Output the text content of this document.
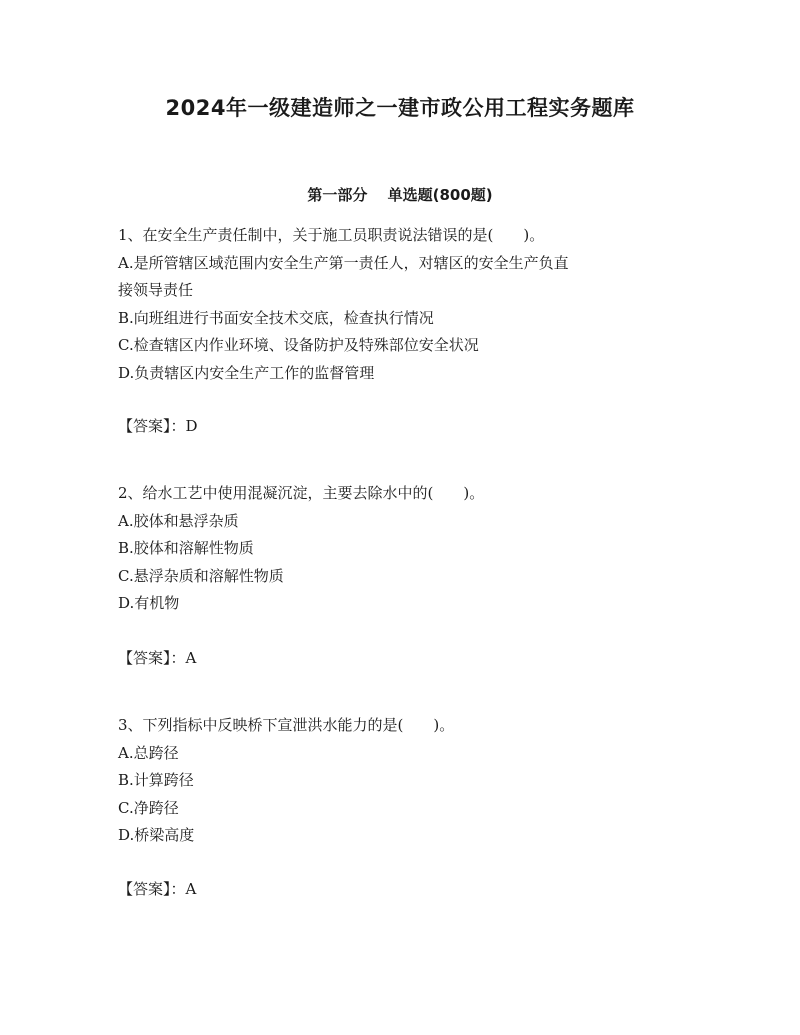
2024年一级建造师之一建市政公用工程实务题库
第一部分　 单选题(800题)
1、在安全生产责任制中，关于施工员职责说法错误的是(　　)。
A.是所管辖区域范围内安全生产第一责任人，对辖区的安全生产负直
接领导责任
B.向班组进行书面安全技术交底，检查执行情况
C.检查辖区内作业环境、设备防护及特殊部位安全状况
D.负责辖区内安全生产工作的监督管理
【答案】：D
2、给水工艺中使用混凝沉淀，主要去除水中的(　　)。
A.胶体和悬浮杂质
B.胶体和溶解性物质
C.悬浮杂质和溶解性物质
D.有机物
【答案】：A
3、下列指标中反映桥下宣泄洪水能力的是(　　)。
A.总跨径
B.计算跨径
C.净跨径
D.桥梁高度
【答案】：A
